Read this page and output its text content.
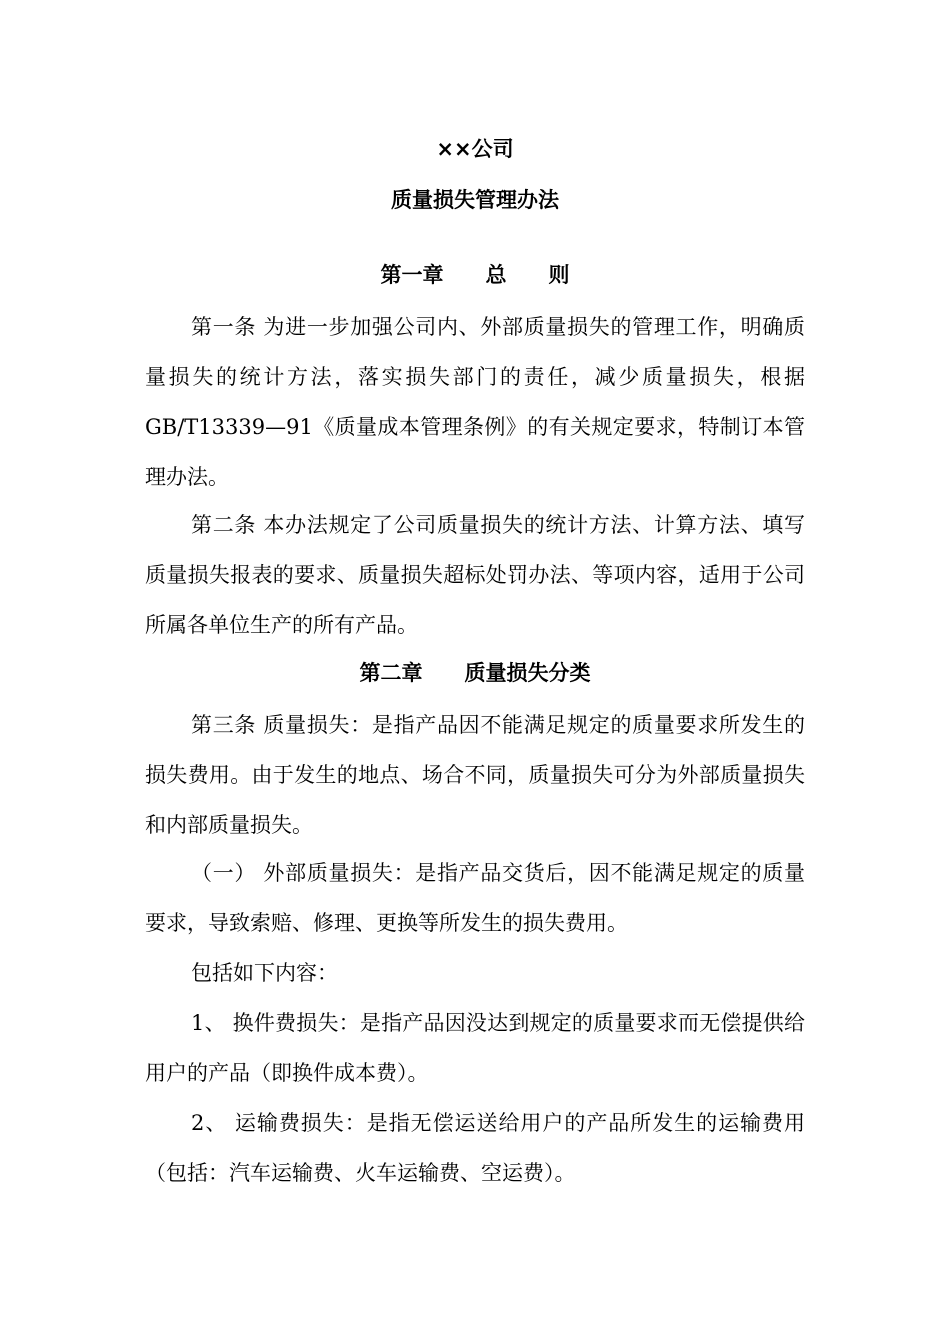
××公司
质量损失管理办法
第一章　　总　　则

第一条 为进一步加强公司内、外部质量损失的管理工作，明确质量损失的统计方法，落实损失部门的责任，减少质量损失，根据GB/T13339—91《质量成本管理条例》的有关规定要求，特制订本管理办法。

第二条 本办法规定了公司质量损失的统计方法、计算方法、填写质量损失报表的要求、质量损失超标处罚办法、等项内容，适用于公司所属各单位生产的所有产品。

第二章　　质量损失分类

第三条 质量损失：是指产品因不能满足规定的质量要求所发生的损失费用。由于发生的地点、场合不同，质量损失可分为外部质量损失和内部质量损失。

（一） 外部质量损失：是指产品交货后，因不能满足规定的质量要求，导致索赔、修理、更换等所发生的损失费用。

包括如下内容：

1、 换件费损失：是指产品因没达到规定的质量要求而无偿提供给用户的产品（即换件成本费）。

2、 运输费损失：是指无偿运送给用户的产品所发生的运输费用（包括：汽车运输费、火车运输费、空运费）。
